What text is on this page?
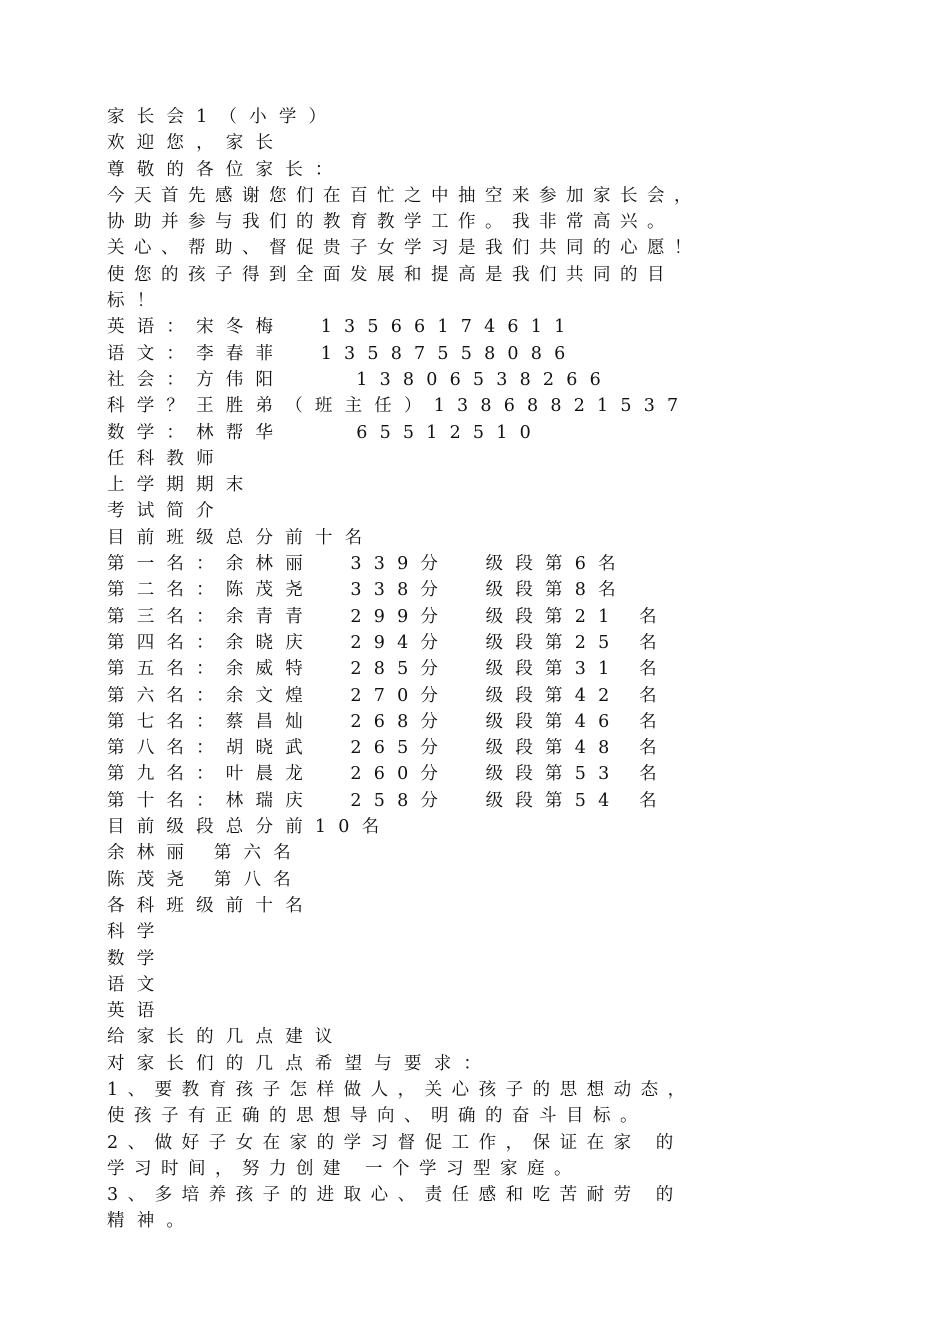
家长会1（小学）
欢迎您，家长
尊敬的各位家长：
今天首先感谢您们在百忙之中抽空来参加家长会，
协助并参与我们的教育教学工作。我非常高兴。
关心、帮助、督促贵子女学习是我们共同的心愿！
使您的孩子得到全面发展和提高是我们共同的目
标！
英语：宋冬梅  13566174611
语文：李春菲  13587558086
社会：方伟阳    13806538266
科学？王胜弟（班主任）13868821537
数学：林帮华    65512510
任科教师
上学期期末
考试简介
目前班级总分前十名
第一名：余林丽  339分  级段第6名
第二名：陈茂尧  338分  级段第8名
第三名：余青青  299分  级段第21 名
第四名：余晓庆  294分  级段第25 名
第五名：余威特  285分  级段第31 名
第六名：余文煌  270分  级段第42 名
第七名：蔡昌灿  268分  级段第46 名
第八名：胡晓武  265分  级段第48 名
第九名：叶晨龙  260分  级段第53 名
第十名：林瑞庆  258分  级段第54 名
目前级段总分前10名
余林丽 第六名
陈茂尧 第八名
各科班级前十名
科学
数学
语文
英语
给家长的几点建议
对家长们的几点希望与要求：
1、要教育孩子怎样做人，关心孩子的思想动态，
使孩子有正确的思想导向、明确的奋斗目标。
2、做好子女在家的学习督促工作，保证在家 的
学习时间，努力创建 一个学习型家庭。
3、多培养孩子的进取心、责任感和吃苦耐劳 的
精神。
